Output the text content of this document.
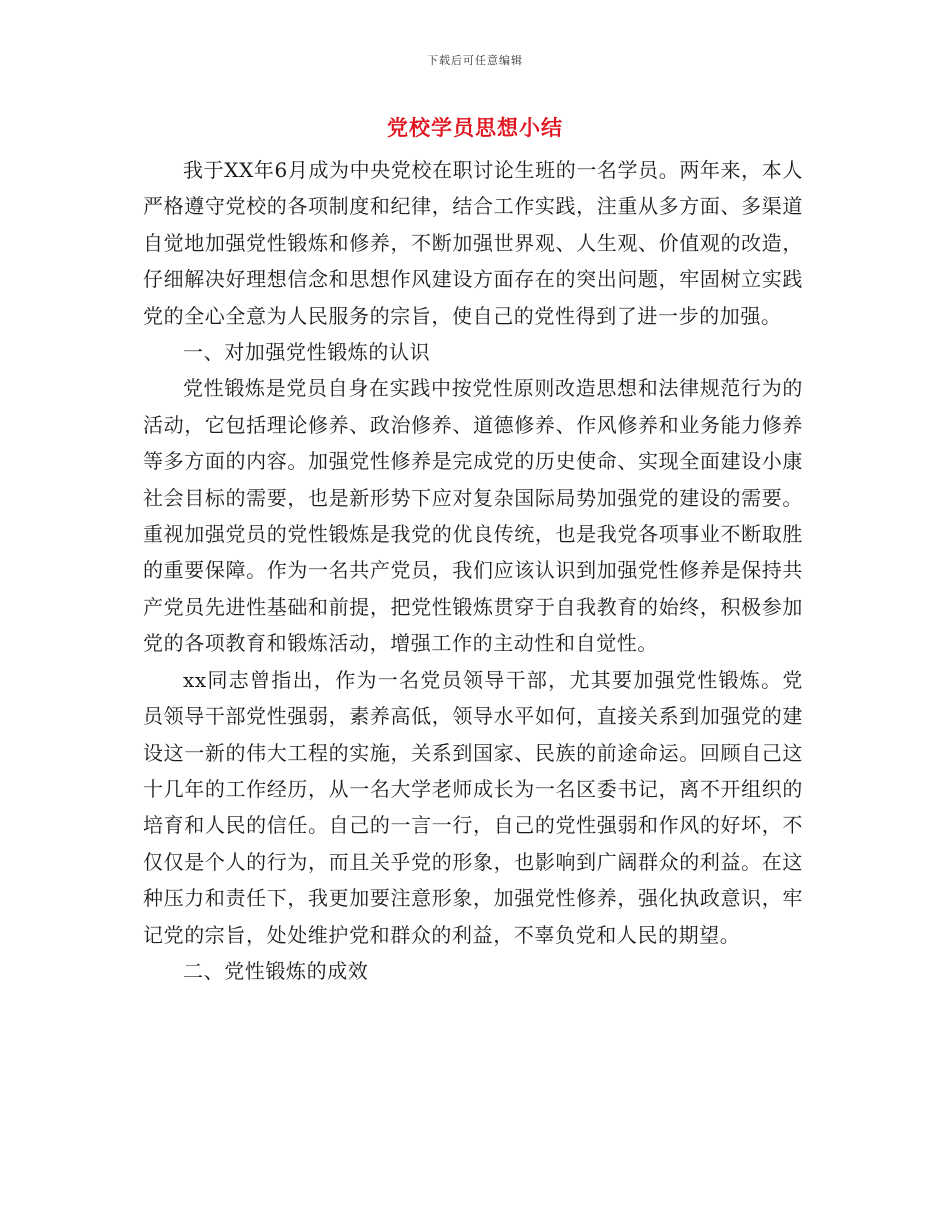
下载后可任意编辑
党校学员思想小结

我于XX年6月成为中央党校在职讨论生班的一名学员。两年来，本人严格遵守党校的各项制度和纪律，结合工作实践，注重从多方面、多渠道自觉地加强党性锻炼和修养，不断加强世界观、人生观、价值观的改造，仔细解决好理想信念和思想作风建设方面存在的突出问题，牢固树立实践党的全心全意为人民服务的宗旨，使自己的党性得到了进一步的加强。

一、对加强党性锻炼的认识

党性锻炼是党员自身在实践中按党性原则改造思想和法律规范行为的活动，它包括理论修养、政治修养、道德修养、作风修养和业务能力修养等多方面的内容。加强党性修养是完成党的历史使命、实现全面建设小康社会目标的需要，也是新形势下应对复杂国际局势加强党的建设的需要。重视加强党员的党性锻炼是我党的优良传统，也是我党各项事业不断取胜的重要保障。作为一名共产党员，我们应该认识到加强党性修养是保持共产党员先进性基础和前提，把党性锻炼贯穿于自我教育的始终，积极参加党的各项教育和锻炼活动，增强工作的主动性和自觉性。

xx同志曾指出，作为一名党员领导干部，尤其要加强党性锻炼。党员领导干部党性强弱，素养高低，领导水平如何，直接关系到加强党的建设这一新的伟大工程的实施，关系到国家、民族的前途命运。回顾自己这十几年的工作经历，从一名大学老师成长为一名区委书记，离不开组织的培育和人民的信任。自己的一言一行，自己的党性强弱和作风的好坏，不仅仅是个人的行为，而且关乎党的形象，也影响到广阔群众的利益。在这种压力和责任下，我更加要注意形象，加强党性修养，强化执政意识，牢记党的宗旨，处处维护党和群众的利益，不辜负党和人民的期望。

二、党性锻炼的成效
